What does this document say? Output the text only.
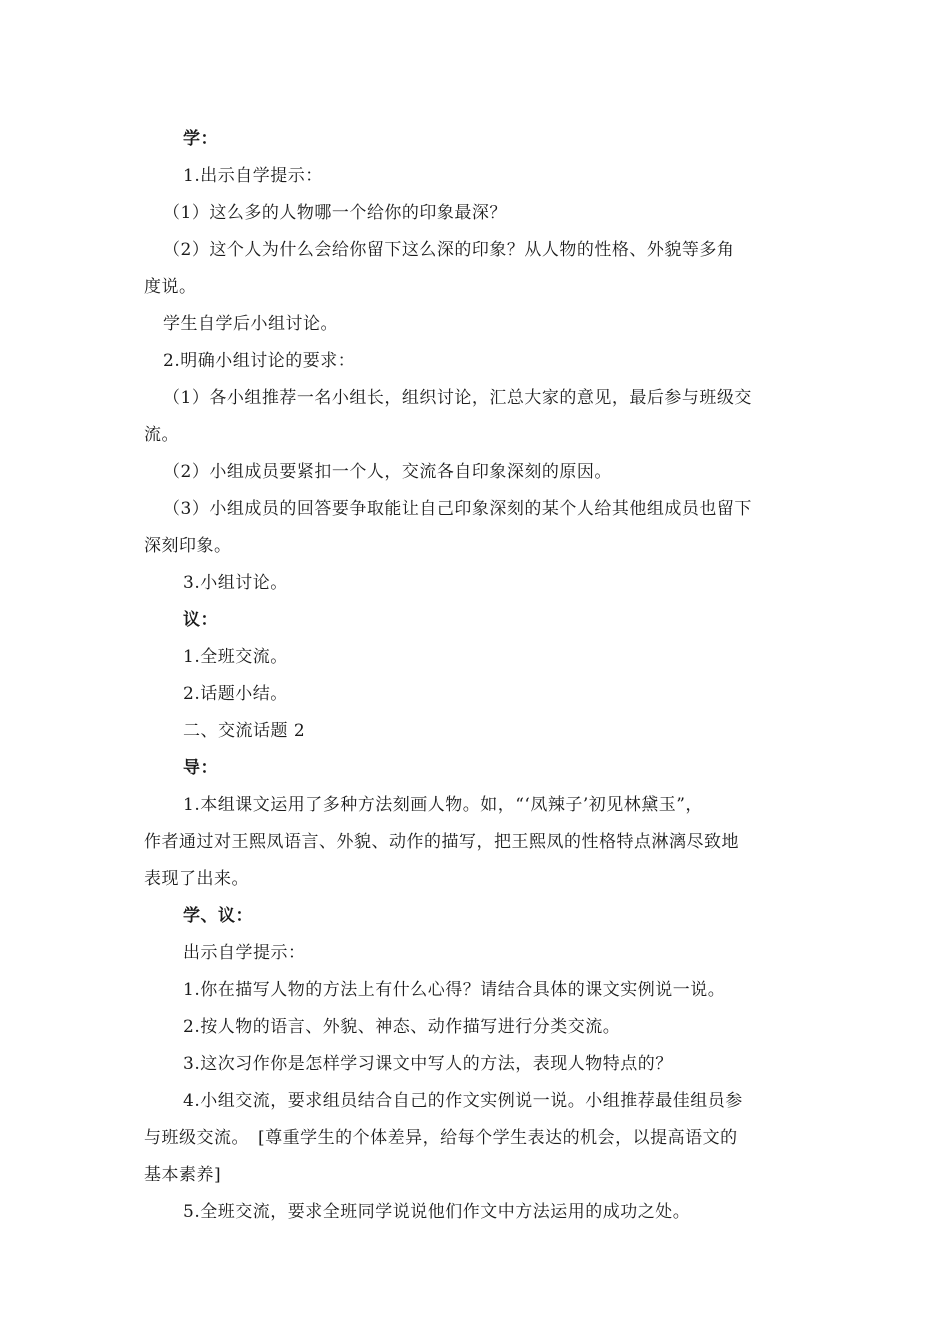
学：
1.出示自学提示：
（1）这么多的人物哪一个给你的印象最深？
（2）这个人为什么会给你留下这么深的印象？从人物的性格、外貌等多角
度说。
学生自学后小组讨论。
2.明确小组讨论的要求：
（1）各小组推荐一名小组长，组织讨论，汇总大家的意见，最后参与班级交
流。
（2）小组成员要紧扣一个人，交流各自印象深刻的原因。
（3）小组成员的回答要争取能让自己印象深刻的某个人给其他组成员也留下
深刻印象。
3.小组讨论。
议：
1.全班交流。
2.话题小结。
二、交流话题 2
导：
1.本组课文运用了多种方法刻画人物。如，“‘凤辣子’初见林黛玉”，
作者通过对王熙凤语言、外貌、动作的描写，把王熙凤的性格特点淋漓尽致地
表现了出来。
学、议：
出示自学提示：
1.你在描写人物的方法上有什么心得？请结合具体的课文实例说一说。
2.按人物的语言、外貌、神态、动作描写进行分类交流。
3.这次习作你是怎样学习课文中写人的方法，表现人物特点的？
4.小组交流，要求组员结合自己的作文实例说一说。小组推荐最佳组员参
与班级交流。　[尊重学生的个体差异，给每个学生表达的机会，以提高语文的
基本素养]
5.全班交流，要求全班同学说说他们作文中方法运用的成功之处。
